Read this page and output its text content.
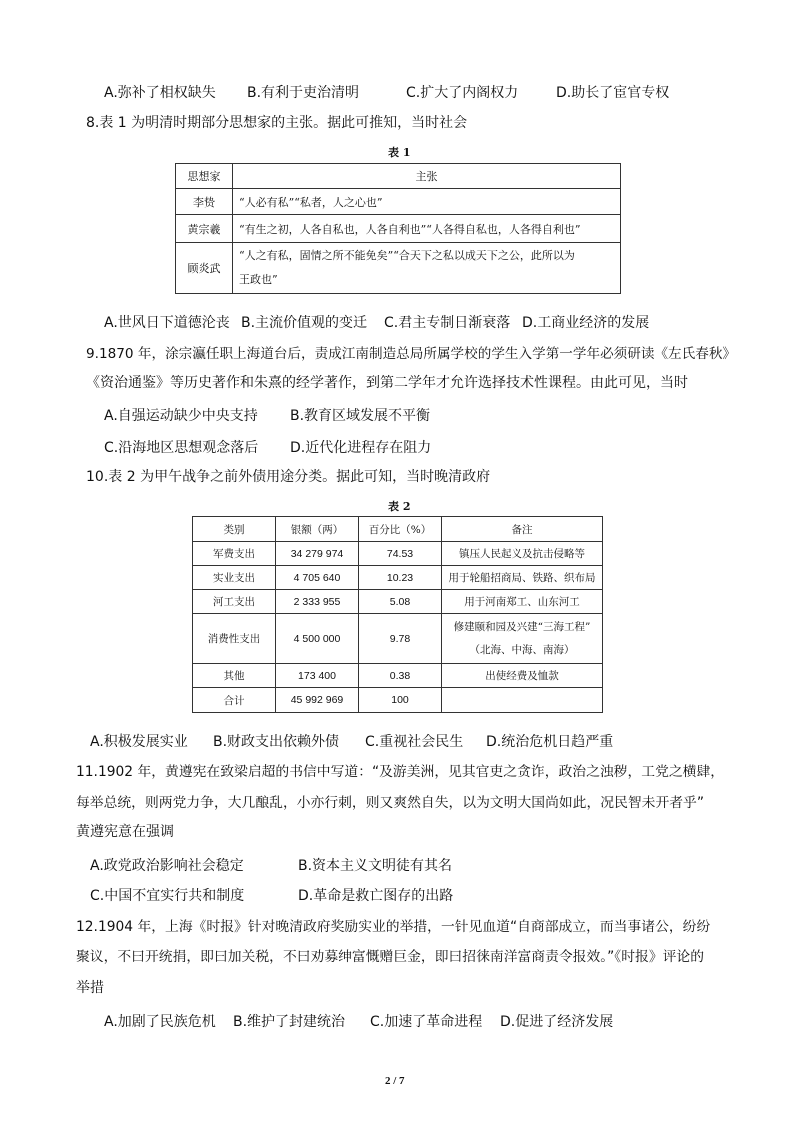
A.弥补了相权缺失 B.有利于吏治清明	C.扩大了内阁权力	D.助长了宦官专权
8.表 1 为明清时期部分思想家的主张。据此可推知，当时社会
表 1
思想家	主张
李贽	“人必有私”“私者，人之心也”
黄宗羲	“有生之初，人各自私也，人各自利也”“人各得自私也，人各得自利也”
顾炎武	“人之有私，固情之所不能免矣”“合天下之私以成天下之公，此所以为
王政也”
A.世风日下道德沦丧 B.主流价值观的变迁 C.君主专制日渐衰落 D.工商业经济的发展
9.1870 年，涂宗瀛任职上海道台后，责成江南制造总局所属学校的学生入学第一学年必须研读《左氏春秋》
《资治通鉴》等历史著作和朱熹的经学著作，到第二学年才允许选择技术性课程。由此可见，当时
A.自强运动缺少中央支持 B.教育区域发展不平衡
C.沿海地区思想观念落后 D.近代化进程存在阻力
10.表 2 为甲午战争之前外债用途分类。据此可知，当时晚清政府
表 2
类别	银额（两）	百分比（%）	备注
军费支出	34 279 974	74.53	镇压人民起义及抗击侵略等
实业支出	4 705 640	10.23	用于轮船招商局、铁路、织布局
河工支出	2 333 955	5.08	用于河南郑工、山东河工
消费性支出	4 500 000	9.78	修建颐和园及兴建“三海工程”
（北海、中海、南海）

其他	173 400	0.38	出使经费及恤款
合计	45 992 969	100	
A.积极发展实业 B.财政支出依赖外债 C.重视社会民生 D.统治危机日趋严重
11.1902 年，黄遵宪在致梁启超的书信中写道：“及游美洲，见其官吏之贪诈，政治之浊秽，工党之横肆，
每举总统，则两党力争，大几酿乱，小亦行刺，则又爽然自失，以为文明大国尚如此，况民智未开者乎”
黄遵宪意在强调
A.政党政治影响社会稳定	B.资本主义文明徒有其名
C.中国不宜实行共和制度	D.革命是救亡图存的出路
12.1904 年，上海《时报》针对晚清政府奖励实业的举措，一针见血道“自商部成立，而当事诸公，纷纷
聚议，不曰开统捐，即曰加关税，不曰劝募绅富慨赠巨金，即曰招徕南洋富商责令报效。”《时报》评论的
举措
A.加剧了民族危机 B.维护了封建统治 C.加速了革命进程 D.促进了经济发展
2 / 7
